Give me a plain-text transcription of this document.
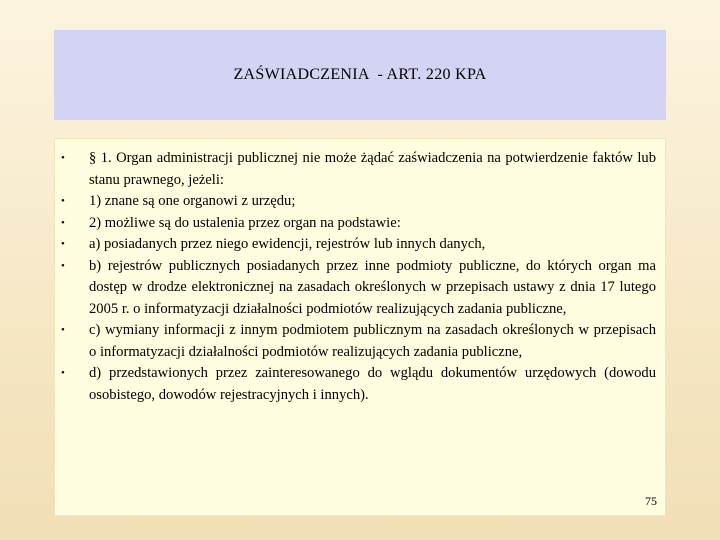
ZAŚWIADCZENIA  - ART. 220 KPA
• § 1. Organ administracji publicznej nie może żądać zaświadczenia na potwierdzenie faktów lub stanu prawnego, jeżeli:
• 1) znane są one organowi z urzędu;
• 2) możliwe są do ustalenia przez organ na podstawie:
• a) posiadanych przez niego ewidencji, rejestrów lub innych danych,
• b) rejestrów publicznych posiadanych przez inne podmioty publiczne, do których organ ma dostęp w drodze elektronicznej na zasadach określonych w przepisach ustawy z dnia 17 lutego 2005 r. o informatyzacji działalności podmiotów realizujących zadania publiczne,
• c) wymiany informacji z innym podmiotem publicznym na zasadach określonych w przepisach o informatyzacji działalności podmiotów realizujących zadania publiczne,
• d) przedstawionych przez zainteresowanego do wglądu dokumentów urzędowych (dowodu osobistego, dowodów rejestracyjnych i innych).
75
